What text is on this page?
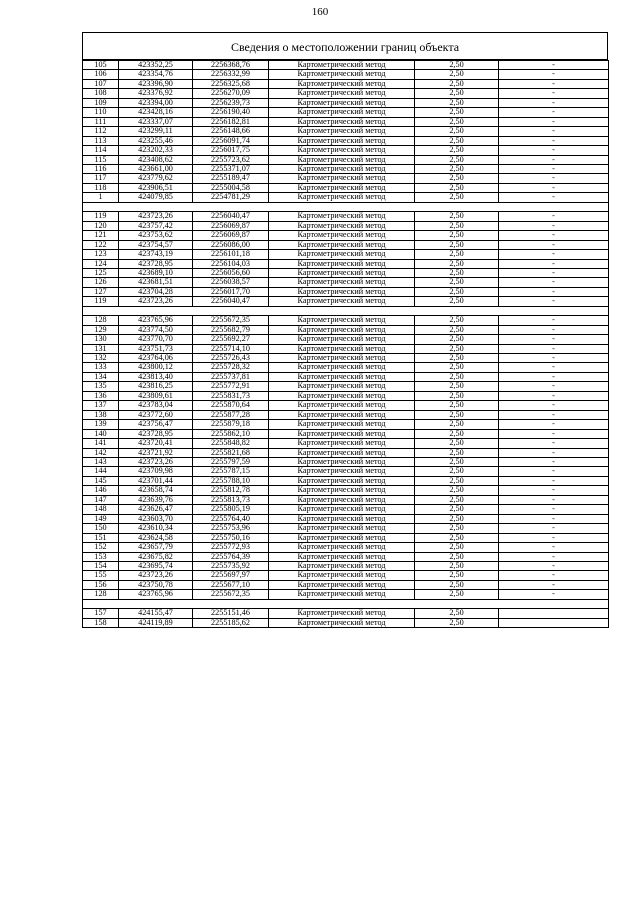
160
Сведения о местоположении границ объекта
105	423352,25	2256368,76	Картометрический метод	2,50	-
106	423354,76	2256332,99	Картометрический метод	2,50	-
107	423396,90	2256325,68	Картометрический метод	2,50	-
108	423376,92	2256270,09	Картометрический метод	2,50	-
109	423394,00	2256239,73	Картометрический метод	2,50	-
110	423428,16	2256190,40	Картометрический метод	2,50	-
111	423337,07	2256182,81	Картометрический метод	2,50	-
112	423299,11	2256148,66	Картометрический метод	2,50	-
113	423255,46	2256091,74	Картометрический метод	2,50	-
114	423202,33	2256017,75	Картометрический метод	2,50	-
115	423408,62	2255723,62	Картометрический метод	2,50	-
116	423661,00	2255371,07	Картометрический метод	2,50	-
117	423779,62	2255189,47	Картометрический метод	2,50	-
118	423906,51	2255004,58	Картометрический метод	2,50	-
1	424079,85	2254781,29	Картометрический метод	2,50	-

119	423723,26	2256040,47	Картометрический метод	2,50	-
120	423757,42	2256069,87	Картометрический метод	2,50	-
121	423753,62	2256069,87	Картометрический метод	2,50	-
122	423754,57	2256086,00	Картометрический метод	2,50	-
123	423743,19	2256101,18	Картометрический метод	2,50	-
124	423728,95	2256104,03	Картометрический метод	2,50	-
125	423689,10	2256056,60	Картометрический метод	2,50	-
126	423681,51	2256038,57	Картометрический метод	2,50	-
127	423704,28	2256017,70	Картометрический метод	2,50	-
119	423723,26	2256040,47	Картометрический метод	2,50	-

128	423765,96	2255672,35	Картометрический метод	2,50	-
129	423774,50	2255682,79	Картометрический метод	2,50	-
130	423770,70	2255692,27	Картометрический метод	2,50	-
131	423751,73	2255714,10	Картометрический метод	2,50	-
132	423764,06	2255726,43	Картометрический метод	2,50	-
133	423800,12	2255728,32	Картометрический метод	2,50	-
134	423813,40	2255737,81	Картометрический метод	2,50	-
135	423816,25	2255772,91	Картометрический метод	2,50	-
136	423809,61	2255831,73	Картометрический метод	2,50	-
137	423783,04	2255870,64	Картометрический метод	2,50	-
138	423772,60	2255877,28	Картометрический метод	2,50	-
139	423756,47	2255879,18	Картометрический метод	2,50	-
140	423728,95	2255862,10	Картометрический метод	2,50	-
141	423720,41	2255848,82	Картометрический метод	2,50	-
142	423721,92	2255821,68	Картометрический метод	2,50	-
143	423723,26	2255797,59	Картометрический метод	2,50	-
144	423709,98	2255787,15	Картометрический метод	2,50	-
145	423701,44	2255788,10	Картометрический метод	2,50	-
146	423658,74	2255812,78	Картометрический метод	2,50	-
147	423639,76	2255813,73	Картометрический метод	2,50	-
148	423626,47	2255805,19	Картометрический метод	2,50	-
149	423603,70	2255764,40	Картометрический метод	2,50	-
150	423610,34	2255753,96	Картометрический метод	2,50	-
151	423624,58	2255750,16	Картометрический метод	2,50	-
152	423657,79	2255772,93	Картометрический метод	2,50	-
153	423675,82	2255764,39	Картометрический метод	2,50	-
154	423695,74	2255735,92	Картометрический метод	2,50	-
155	423723,26	2255697,97	Картометрический метод	2,50	-
156	423750,78	2255677,10	Картометрический метод	2,50	-
128	423765,96	2255672,35	Картометрический метод	2,50	-

157	424155,47	2255151,46	Картометрический метод	2,50	
158	424119,89	2255185,62	Картометрический метод	2,50	
